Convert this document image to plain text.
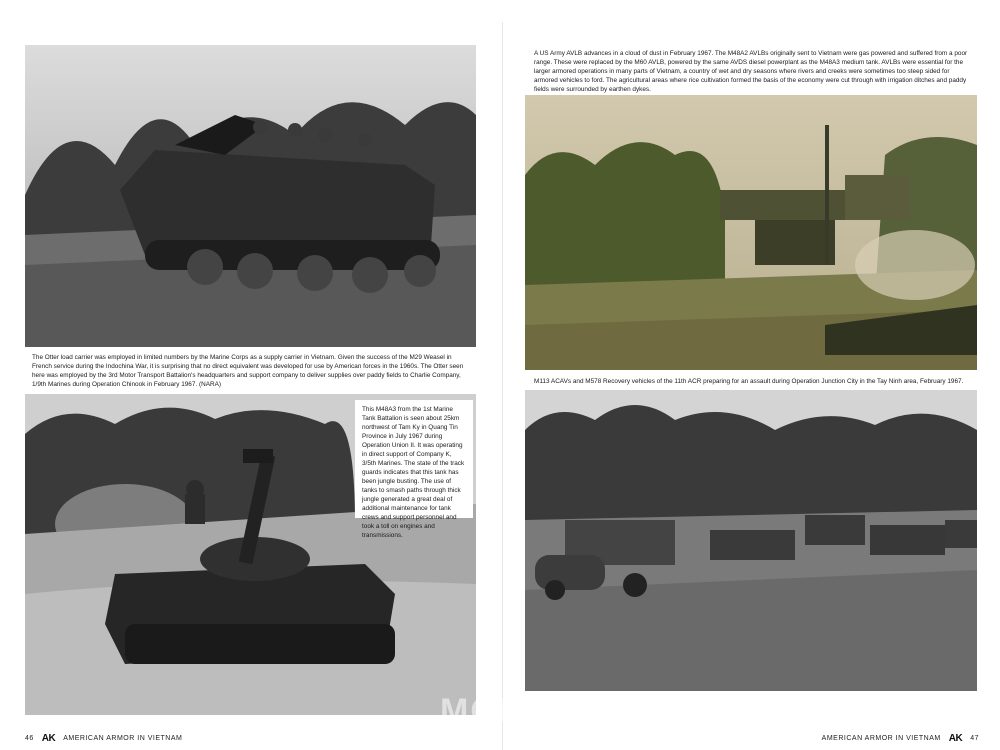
The Otter load carrier was employed in limited numbers by the Marine Corps as a supply carrier in Vietnam. Given the success of the M29 Weasel in French service during the Indochina War, it is surprising that no direct equivalent was developed for use by American forces in the 1960s. The Otter seen here was employed by the 3rd Motor Transport Battalion's headquarters and support company to deliver supplies over paddy fields to Charlie Company, 1/9th Marines during Operation Chinook in February 1967. (NARA)
This M48A3 from the 1st Marine Tank Battalion is seen about 25km northwest of Tam Ky in Quang Tin Province in July 1967 during Operation Union II. It was operating in direct support of Company K, 3/5th Marines. The state of the track guards indicates that this tank has been jungle busting. The use of tanks to smash paths through thick jungle generated a great deal of additional maintenance for tank crews and support personnel and took a toll on engines and transmissions.
46 AK AMERICAN ARMOR IN VIETNAM
A US Army AVLB advances in a cloud of dust in February 1967. The M48A2 AVLBs originally sent to Vietnam were gas powered and suffered from a poor range. These were replaced by the M60 AVLB, powered by the same AVDS diesel powerplant as the M48A3 medium tank. AVLBs were essential for the larger armored operations in many parts of Vietnam, a country of wet and dry seasons where rivers and creeks were sometimes too steep sided for armored vehicles to ford. The agricultural areas where rice cultivation formed the basis of the economy were cut through with irrigation ditches and paddy fields were surrounded by earthen dykes.
M113 ACAVs and M578 Recovery vehicles of the 11th ACR preparing for an assault during Operation Junction City in the Tay Ninh area, February 1967.
AMERICAN ARMOR IN VIETNAM AK 47
MODEL
